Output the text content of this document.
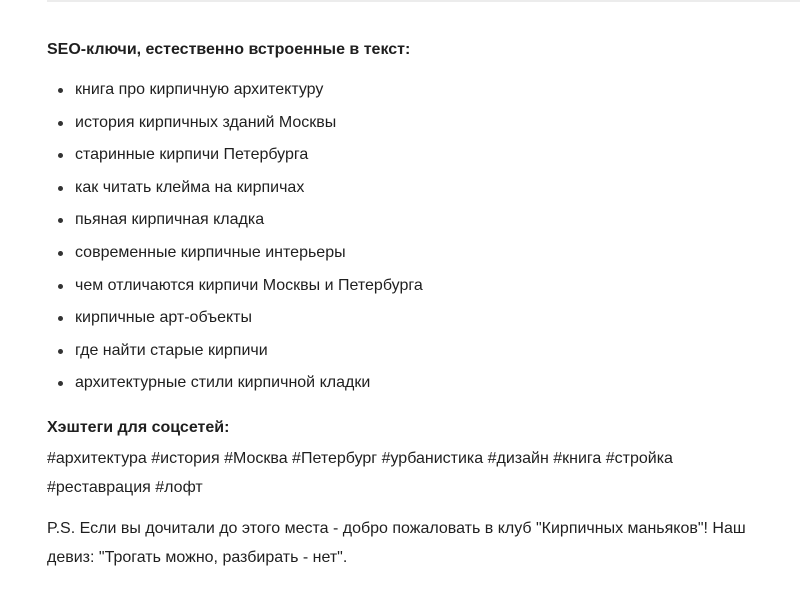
SEO-ключи, естественно встроенные в текст:

книга про кирпичную архитектуру
история кирпичных зданий Москвы
старинные кирпичи Петербурга
как читать клейма на кирпичах
пьяная кирпичная кладка
современные кирпичные интерьеры
чем отличаются кирпичи Москвы и Петербурга
кирпичные арт-объекты
где найти старые кирпичи
архитектурные стили кирпичной кладки

Хэштеги для соцсетей:

#архитектура #история #Москва #Петербург #урбанистика #дизайн #книга #стройка #реставрация #лофт

P.S. Если вы дочитали до этого места - добро пожаловать в клуб "Кирпичных маньяков"! Наш девиз: "Трогать можно, разбирать - нет".
